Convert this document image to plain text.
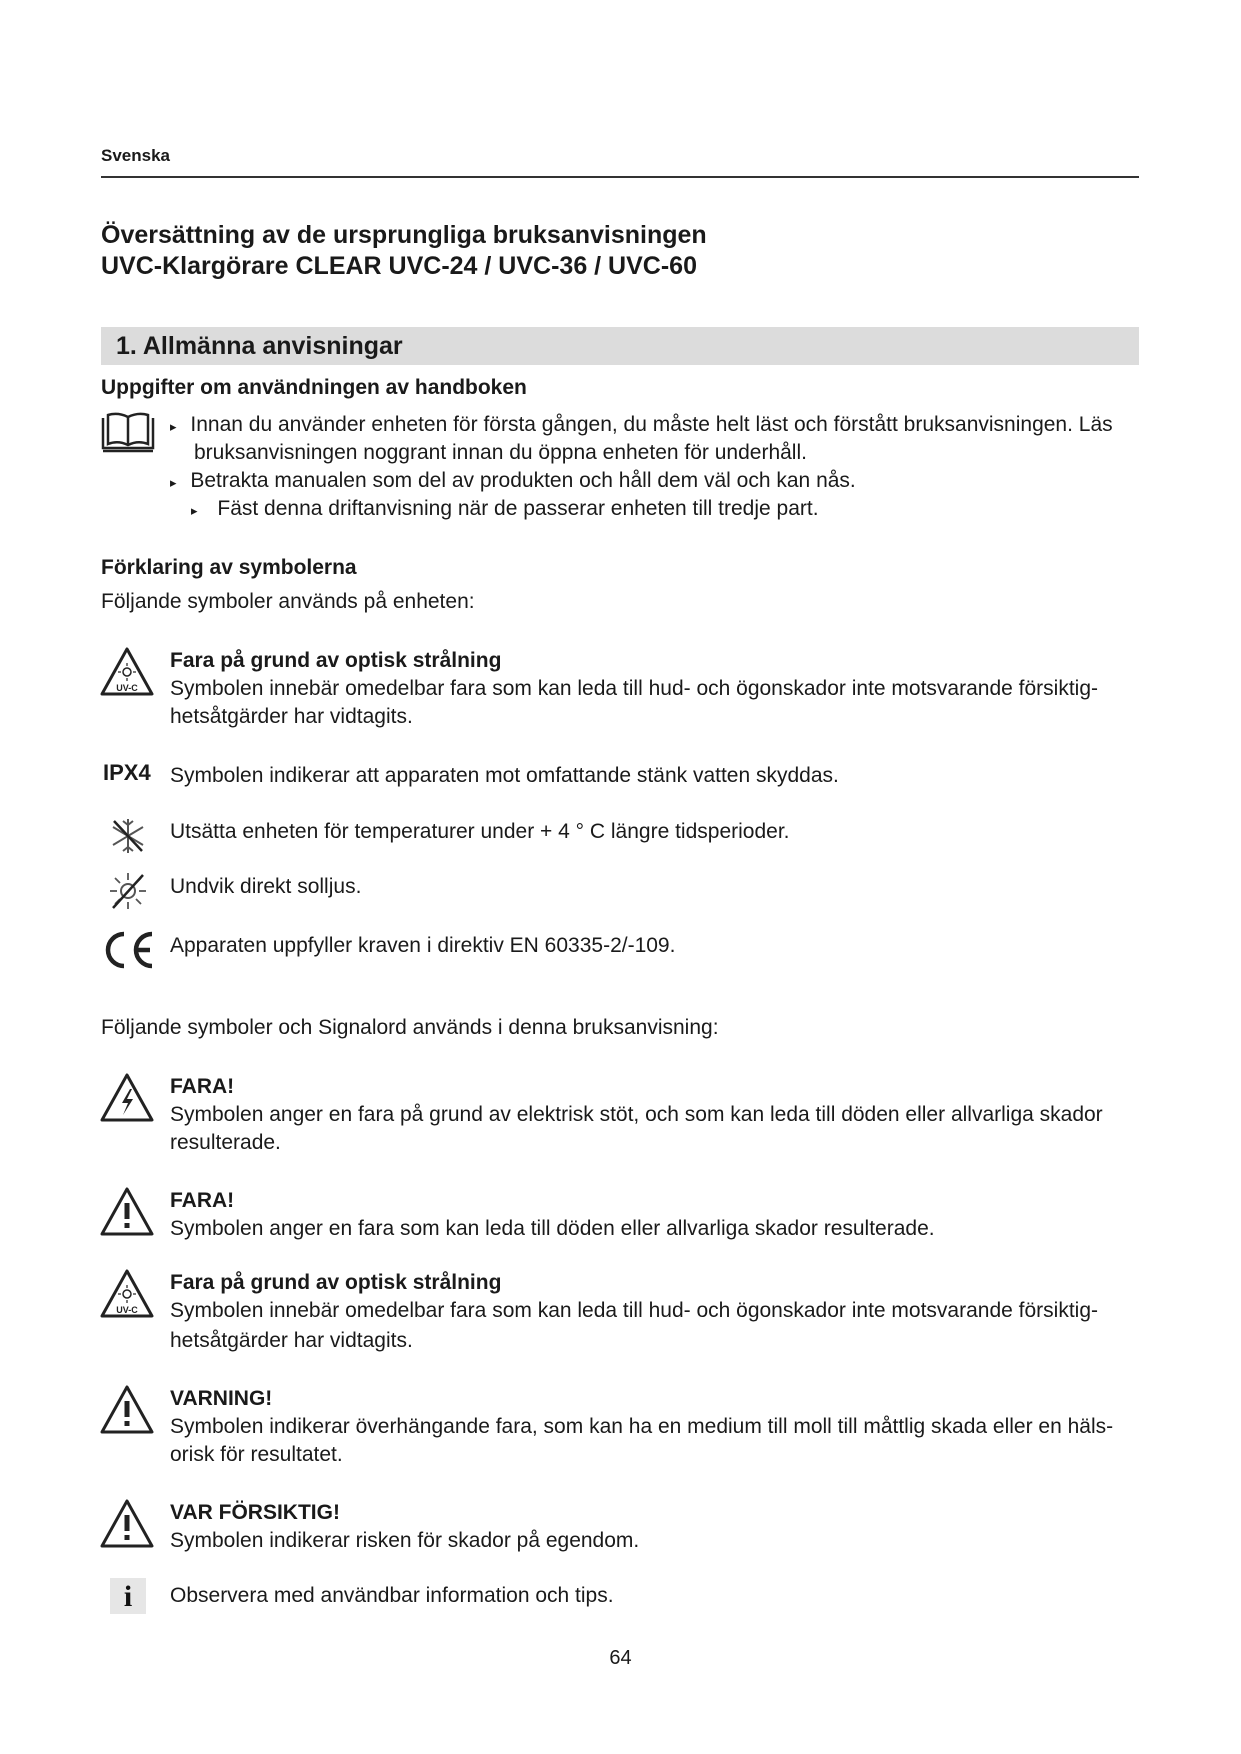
Svenska
Översättning av de ursprungliga bruksanvisningen
UVC-Klargörare CLEAR UVC-24 / UVC-36 / UVC-60
1. Allmänna anvisningar
Uppgifter om användningen av handboken
▸ Innan du använder enheten för första gången, du måste helt läst och förstått bruksanvisningen. Läs
bruksanvisningen noggrant innan du öppna enheten för underhåll.
▸ Betrakta manualen som del av produkten och håll dem väl och kan nås.
▸ Fäst denna driftanvisning när de passerar enheten till tredje part.
Förklaring av symbolerna
Följande symboler används på enheten:
UV-C
Fara på grund av optisk strålning
Symbolen innebär omedelbar fara som kan leda till hud- och ögonskador inte motsvarande försiktig-
hetsåtgärder har vidtagits.
IPX4 Symbolen indikerar att apparaten mot omfattande stänk vatten skyddas.
Utsätta enheten för temperaturer under + 4 ° C längre tidsperioder.
Undvik direkt solljus.
Apparaten uppfyller kraven i direktiv EN 60335-2/-109.
Följande symboler och Signalord används i denna bruksanvisning:
FARA!
Symbolen anger en fara på grund av elektrisk stöt, och som kan leda till döden eller allvarliga skador
resulterade.
FARA!
Symbolen anger en fara som kan leda till döden eller allvarliga skador resulterade.
UV-C
Fara på grund av optisk strålning
Symbolen innebär omedelbar fara som kan leda till hud- och ögonskador inte motsvarande försiktig-
hetsåtgärder har vidtagits.
VARNING!
Symbolen indikerar överhängande fara, som kan ha en medium till moll till måttlig skada eller en häls-
orisk för resultatet.
VAR FÖRSIKTIG!
Symbolen indikerar risken för skador på egendom.
i	Observera med användbar information och tips.
64
